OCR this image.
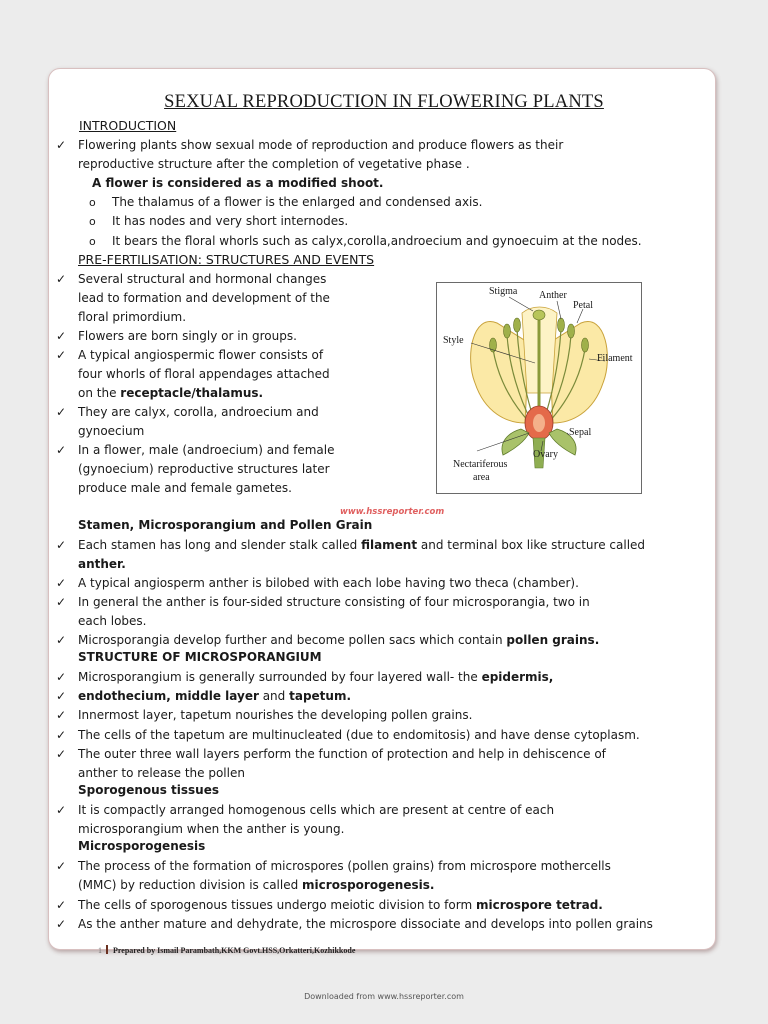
SEXUAL REPRODUCTION IN FLOWERING PLANTS
INTRODUCTION
✓ Flowering plants show sexual mode of reproduction and produce flowers as their
reproductive structure after the completion of vegetative phase .
A flower is considered as a modified shoot.
o The thalamus of a flower is the enlarged and condensed axis.
o It has nodes and very short internodes.
o It bears the floral whorls such as calyx,corolla,androecium and gynoecuim at the nodes.
PRE-FERTILISATION: STRUCTURES AND EVENTS
✓ Several structural and hormonal changes
lead to formation and development of the
floral primordium.
✓ Flowers are born singly or in groups.
✓ A typical angiospermic flower consists of
four whorls of floral appendages attached
on the receptacle/thalamus.
✓ They are calyx, corolla, androecium and
gynoecium
✓ In a flower, male (androecium) and female
(gynoecium) reproductive structures later
produce male and female gametes.
Stigma Anther
Petal
Style
Filament
Sepal
Ovary
Nectariferous
area
www.hssreporter.com
Stamen, Microsporangium and Pollen Grain
✓ Each stamen has long and slender stalk called filament and terminal box like structure called
anther.
✓ A typical angiosperm anther is bilobed with each lobe having two theca (chamber).
✓ In general the anther is four-sided structure consisting of four microsporangia, two in
each lobes.
✓ Microsporangia develop further and become pollen sacs which contain pollen grains.
STRUCTURE OF MICROSPORANGIUM
✓ Microsporangium is generally surrounded by four layered wall- the epidermis,
✓ endothecium, middle layer and tapetum.
✓ Innermost layer, tapetum nourishes the developing pollen grains.
✓ The cells of the tapetum are multinucleated (due to endomitosis) and have dense cytoplasm.
✓ The outer three wall layers perform the function of protection and help in dehiscence of
anther to release the pollen
Sporogenous tissues
✓ It is compactly arranged homogenous cells which are present at centre of each
microsporangium when the anther is young.
Microsporogenesis
✓ The process of the formation of microspores (pollen grains) from microspore mothercells
(MMC) by reduction division is called microsporogenesis.
✓ The cells of sporogenous tissues undergo meiotic division to form microspore tetrad.
✓ As the anther mature and dehydrate, the microspore dissociate and develops into pollen grains
1 Prepared by Ismail Parambath,KKM Govt.HSS,Orkatteri,Kozhikkode
Downloaded from www.hssreporter.com
